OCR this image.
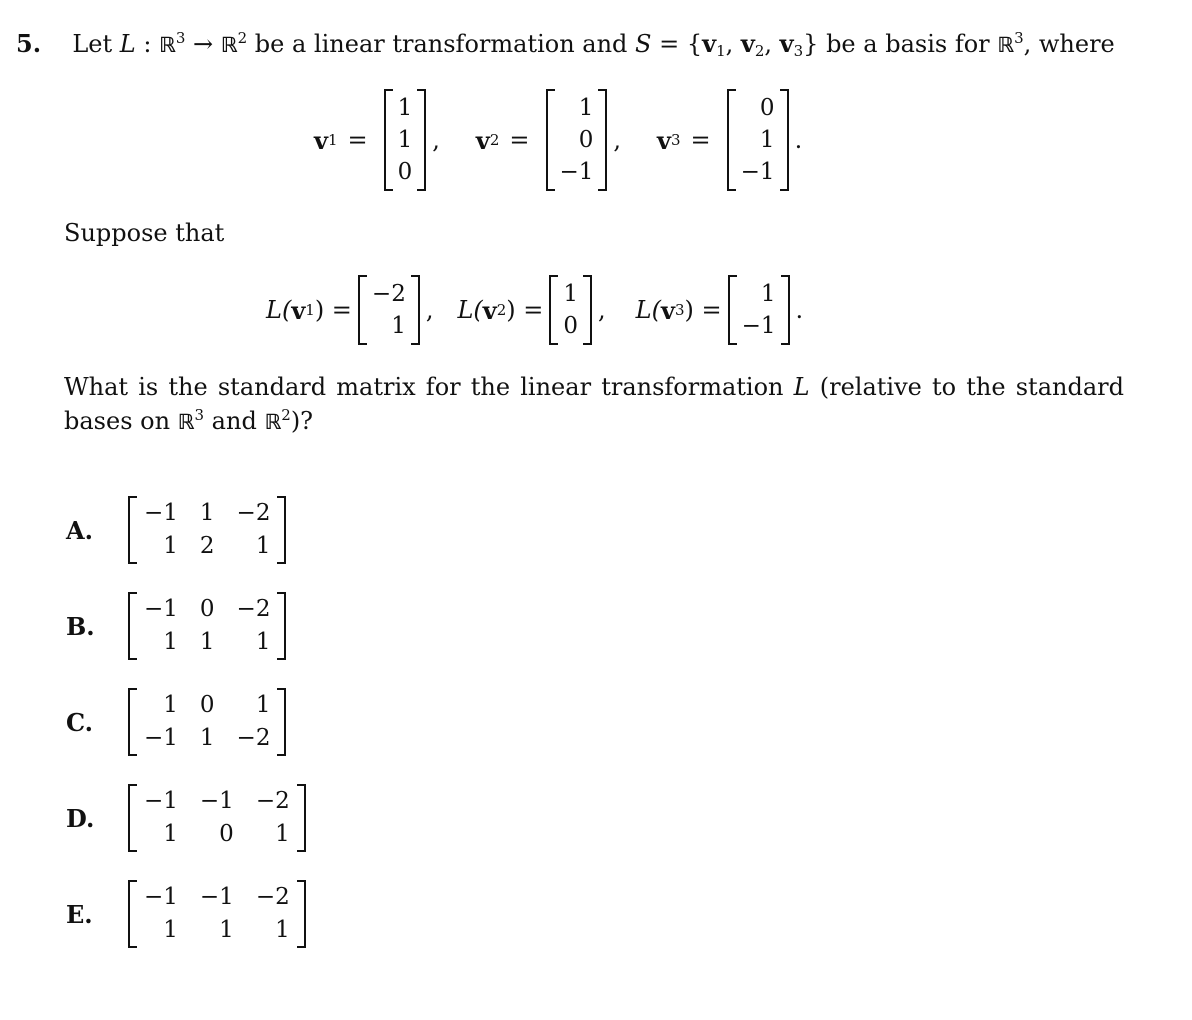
5. Let L : ℝ$^3$ → ℝ$^2$ be a linear transformation and $S = \{v_1$, $v_2$, $v_3$} be a basis for ℝ$^3$, where
v 1 =
1
1
0
, v 2 =
1
0
−1
, v 3 =
0
1
−1
.
Suppose that
L( v 1 ) =
−2
1
, L( v 2 ) =
1
0
, L( v 3 ) =
1
−1
.
What is the standard matrix for the linear transformation L (relative to the standard
bases on ℝ$^3$ and ℝ$^2$)?
A.
−1 1 −2
1 2	1
B.
−1 0 −2
1 1	1
C.
1 0	1
−1 1 −2
D.
−1 −1 −2
1	0	1
E.
−1 −1 −2
1	1	1
